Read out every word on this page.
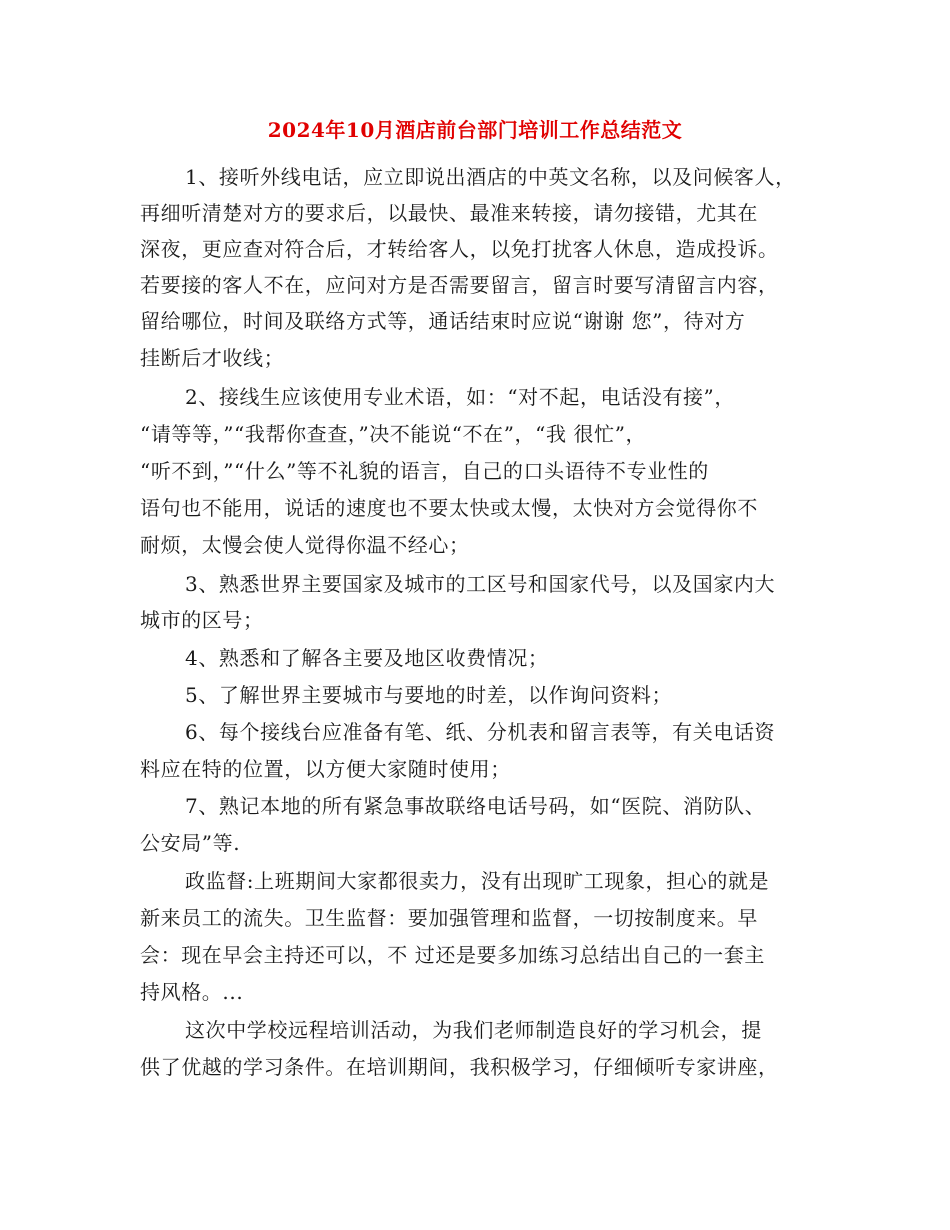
2024年10月酒店前台部门培训工作总结范文
1、接听外线电话，应立即说出酒店的中英文名称，以及问候客人，
再细听清楚对方的要求后，以最快、最准来转接，请勿接错，尤其在
深夜，更应查对符合后，才转给客人，以免打扰客人休息，造成投诉。
若要接的客人不在，应问对方是否需要留言，留言时要写清留言内容，
留给哪位，时间及联络方式等，通话结束时应说“谢谢 您”，待对方
挂断后才收线；
2、接线生应该使用专业术语，如：“对不起，电话没有接”，
“请等等，”“我帮你查查，”决不能说“不在”，“我 很忙”，
“听不到，”“什么”等不礼貌的语言，自己的口头语待不专业性的
语句也不能用，说话的速度也不要太快或太慢，太快对方会觉得你不
耐烦，太慢会使人觉得你温不经心；
3、熟悉世界主要国家及城市的工区号和国家代号，以及国家内大
城市的区号；
4、熟悉和了解各主要及地区收费情况；
5、了解世界主要城市与要地的时差，以作询问资料；
6、每个接线台应准备有笔、纸、分机表和留言表等，有关电话资
料应在特的位置，以方便大家随时使用；
7、熟记本地的所有紧急事故联络电话号码，如“医院、消防队、
公安局”等.
政监督:上班期间大家都很卖力，没有出现旷工现象，担心的就是
新来员工的流失。卫生监督：要加强管理和监督，一切按制度来。早
会：现在早会主持还可以，不 过还是要多加练习总结出自己的一套主
持风格。...
这次中学校远程培训活动，为我们老师制造良好的学习机会，提
供了优越的学习条件。在培训期间，我积极学习，仔细倾听专家讲座，
